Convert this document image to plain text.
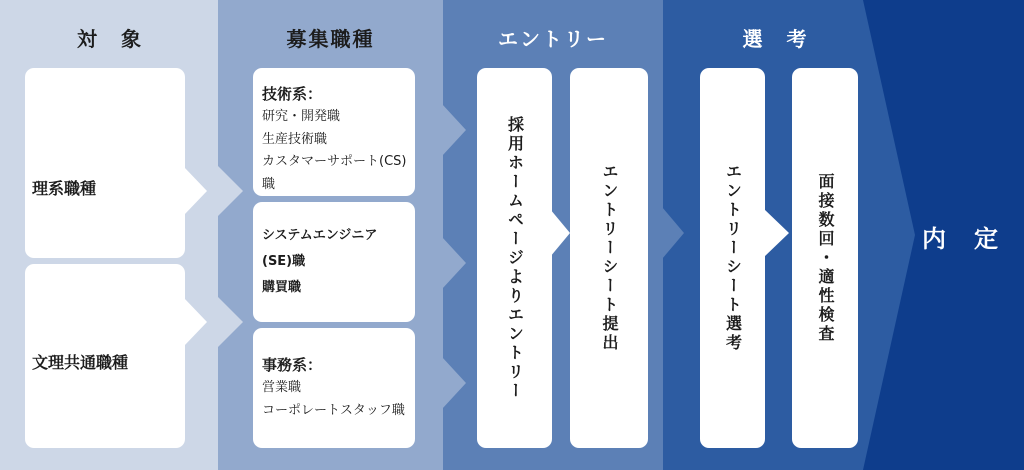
対　象	募集職種	エントリー	選　考
理系職種
文理共通職種
技術系：
研究・開発職
生産技術職
カスタマーサポート(CS)職
システムエンジニア(SE)職
購買職
事務系：
営業職
コーポレートスタッフ職
採用ホームページよりエントリー	エントリーシート提出	エントリーシート選考	面接数回・適性検査	内　定
